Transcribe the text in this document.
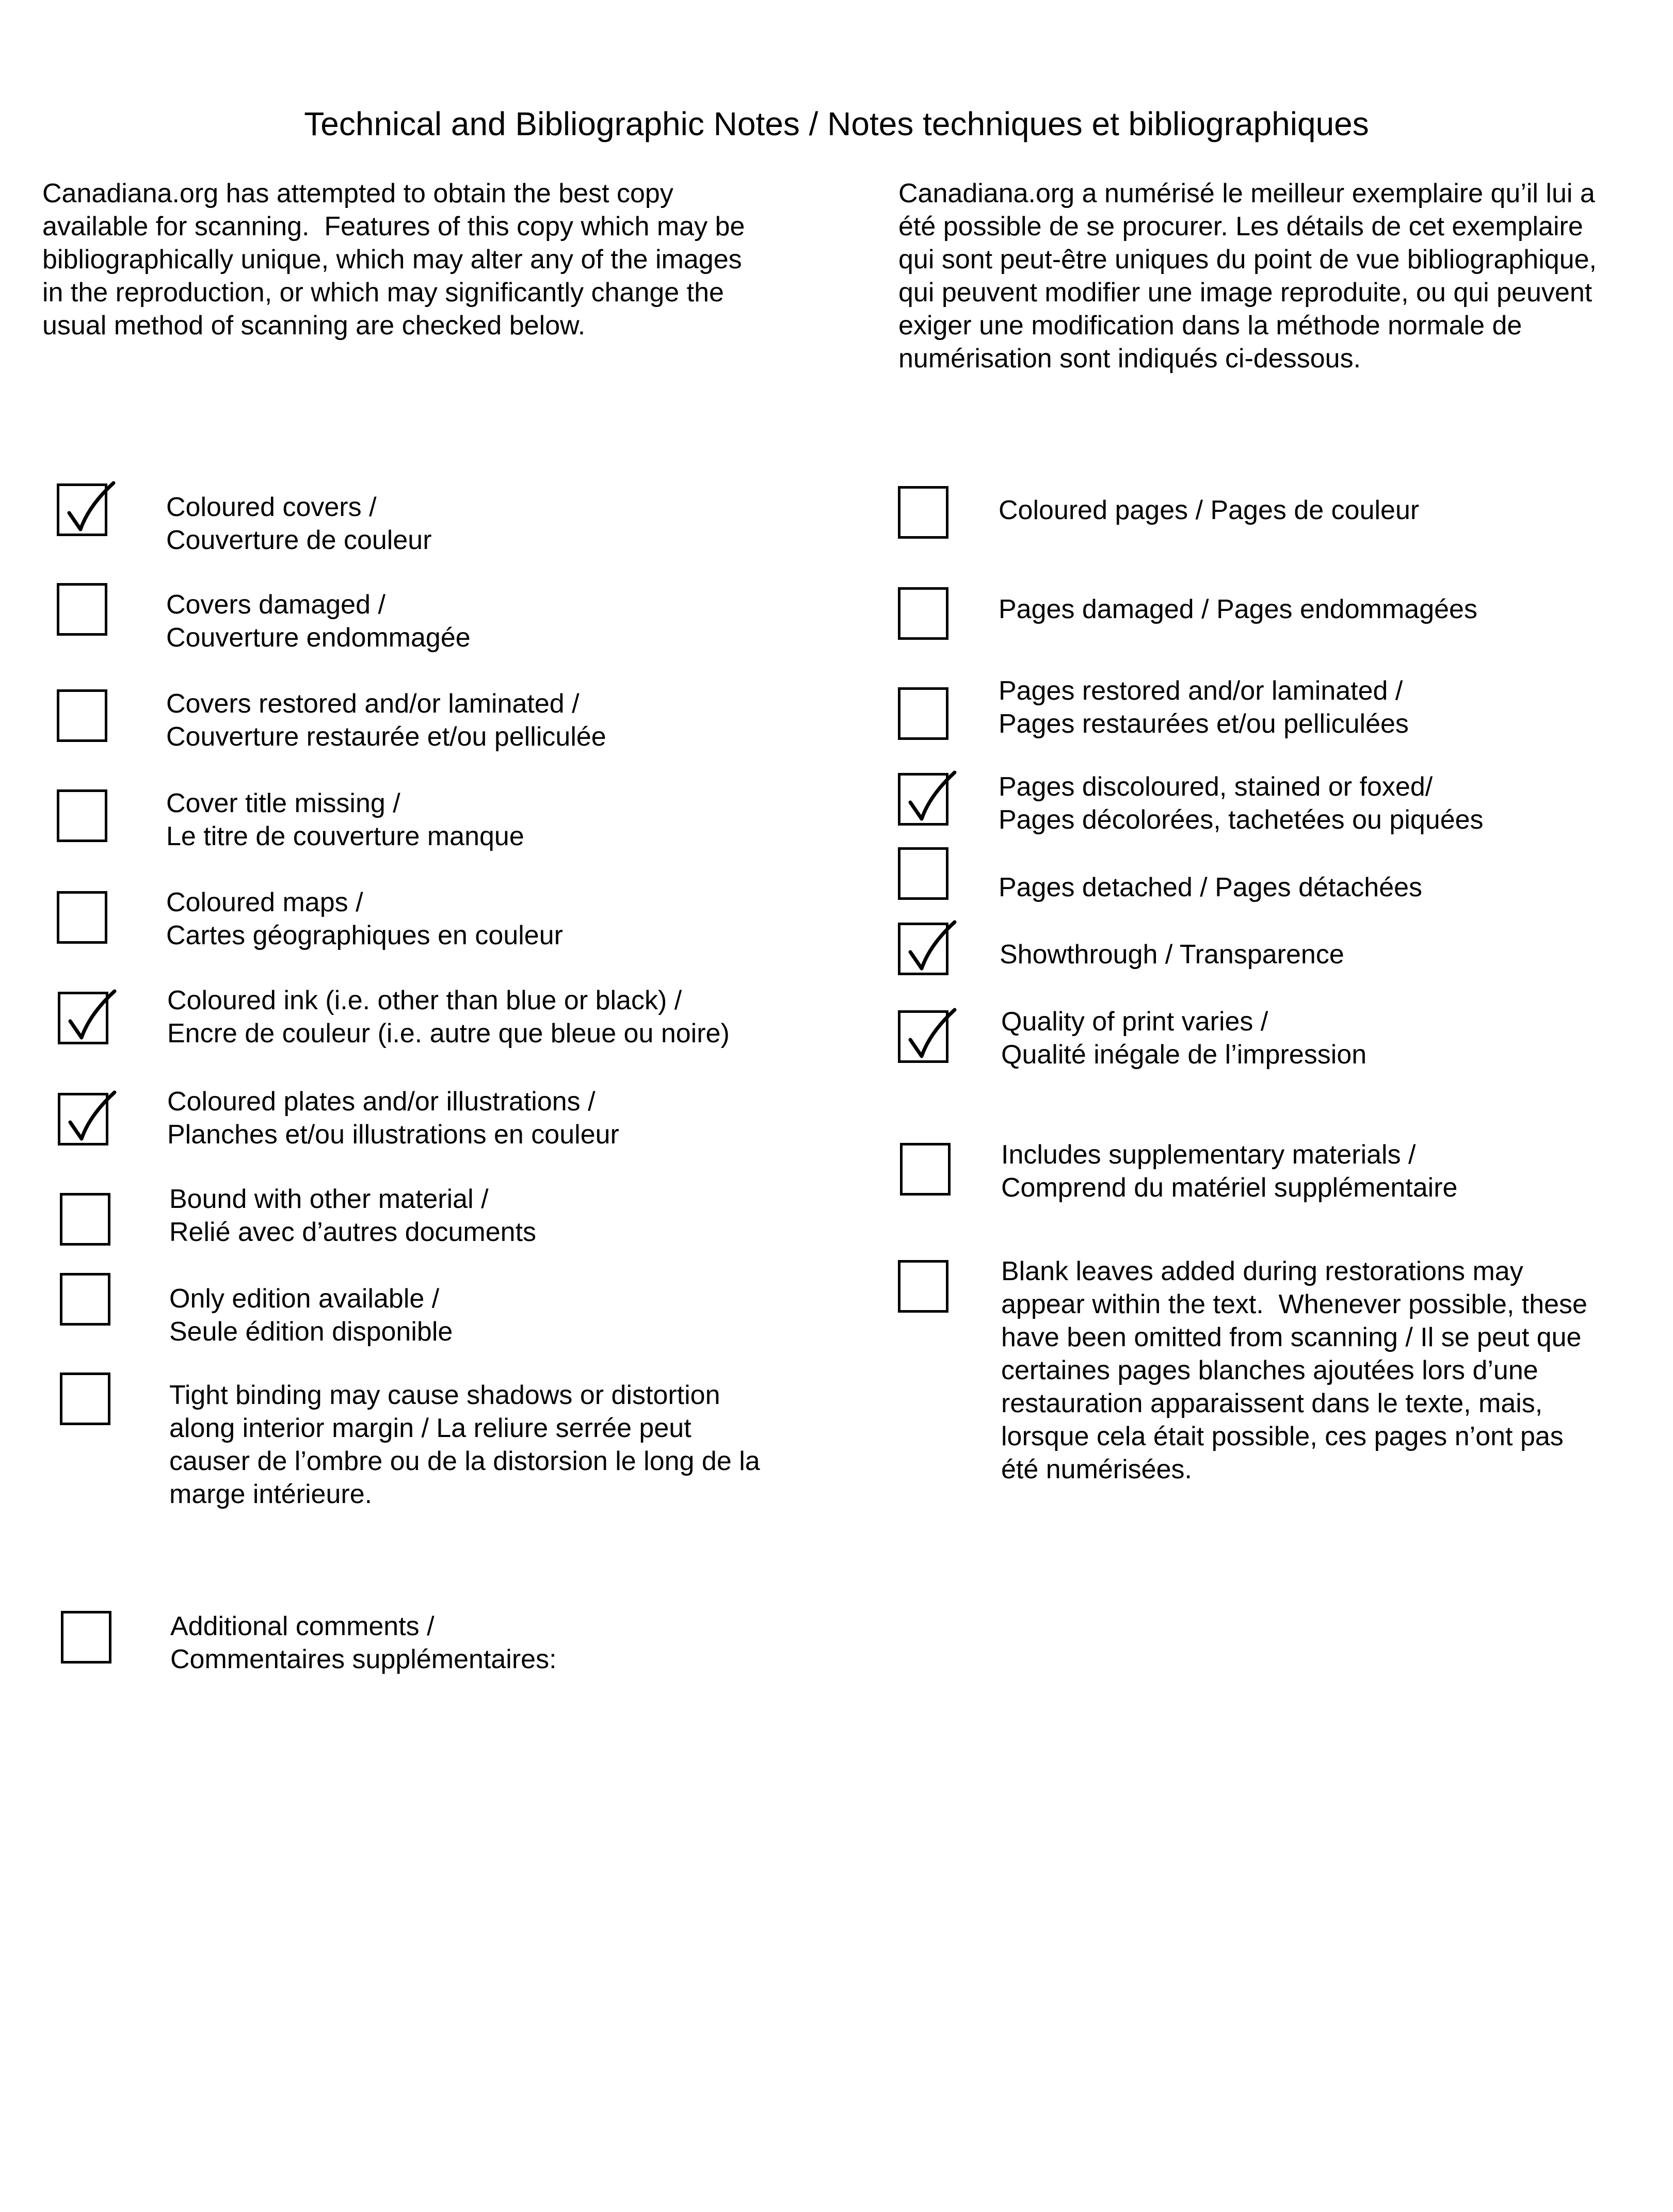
Technical and Bibliographic Notes / Notes techniques et bibliographiques
Canadiana.org has attempted to obtain the best copy
available for scanning.  Features of this copy which may be
bibliographically unique, which may alter any of the images
in the reproduction, or which may significantly change the
usual method of scanning are checked below.
Canadiana.org a numérisé le meilleur exemplaire qu’il lui a
été possible de se procurer. Les détails de cet exemplaire
qui sont peut-être uniques du point de vue bibliographique,
qui peuvent modifier une image reproduite, ou qui peuvent
exiger une modification dans la méthode normale de
numérisation sont indiqués ci-dessous.
Coloured covers /
Couverture de couleur
Covers damaged /
Couverture endommagée
Covers restored and/or laminated /
Couverture restaurée et/ou pelliculée
Cover title missing /
Le titre de couverture manque
Coloured maps /
Cartes géographiques en couleur
Coloured ink (i.e. other than blue or black) /
Encre de couleur (i.e. autre que bleue ou noire)
Coloured plates and/or illustrations /
Planches et/ou illustrations en couleur
Bound with other material /
Relié avec d’autres documents
Only edition available /
Seule édition disponible
Tight binding may cause shadows or distortion
along interior margin / La reliure serrée peut
causer de l’ombre ou de la distorsion le long de la
marge intérieure.
Additional comments /
Commentaires supplémentaires:
Coloured pages / Pages de couleur
Pages damaged / Pages endommagées
Pages restored and/or laminated /
Pages restaurées et/ou pelliculées
Pages discoloured, stained or foxed/
Pages décolorées, tachetées ou piquées
Pages detached / Pages détachées
Showthrough / Transparence
Quality of print varies /
Qualité inégale de l’impression
Includes supplementary materials /
Comprend du matériel supplémentaire
Blank leaves added during restorations may
appear within the text.  Whenever possible, these
have been omitted from scanning / Il se peut que
certaines pages blanches ajoutées lors d’une
restauration apparaissent dans le texte, mais,
lorsque cela était possible, ces pages n’ont pas
été numérisées.
